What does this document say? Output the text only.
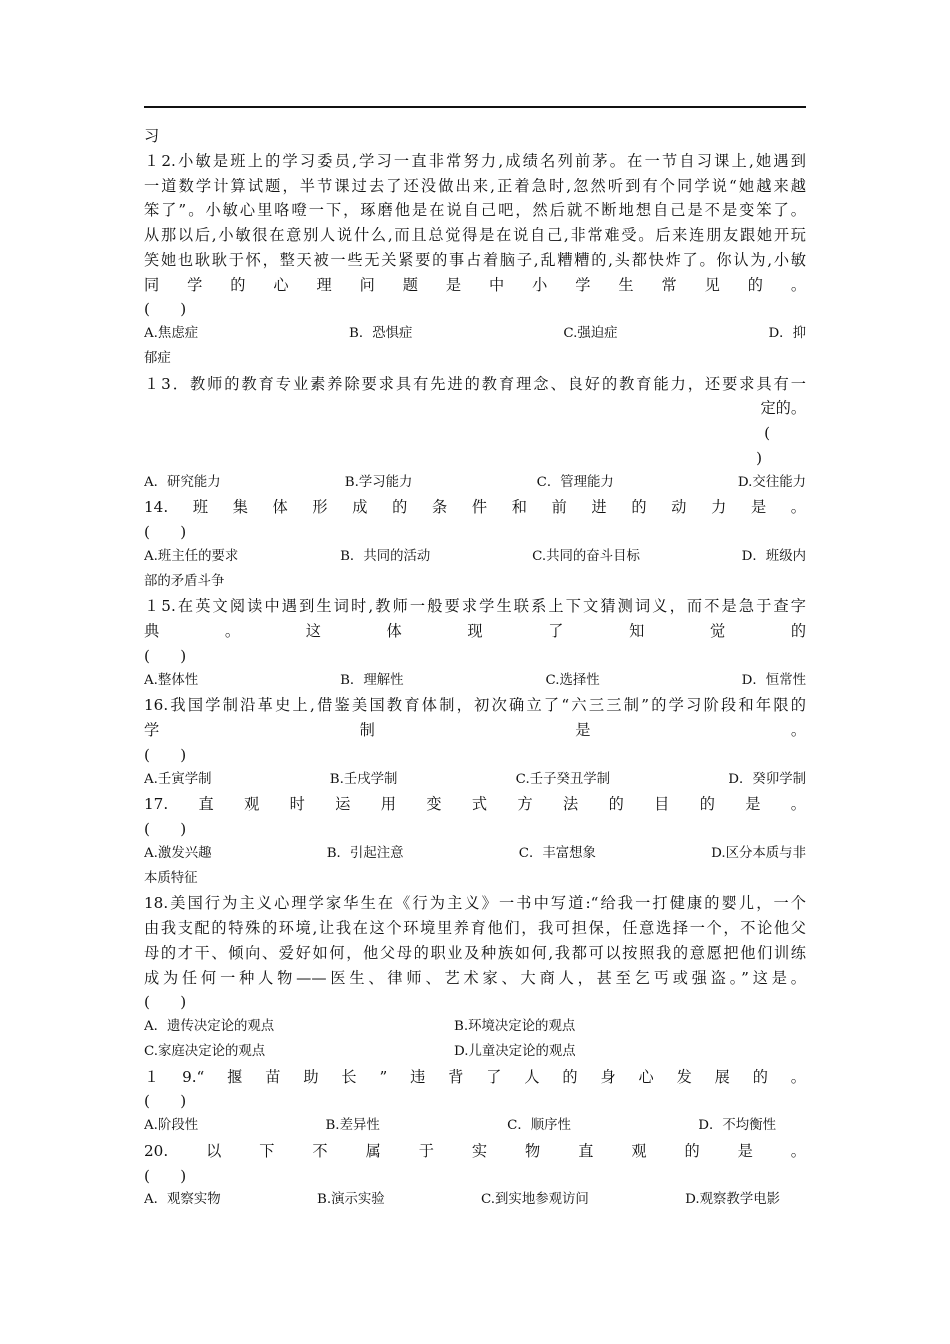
习
１2.小敏是班上的学习委员,学习一直非常努力,成绩名列前茅。在一节自习课上,她遇到
一道数学计算试题，半节课过去了还没做出来,正着急时,忽然听到有个同学说“她越来越
笨了”。小敏心里咯噔一下，琢磨他是在说自己吧，然后就不断地想自己是不是变笨了。
从那以后,小敏很在意别人说什么,而且总觉得是在说自己,非常难受。后来连朋友跟她开玩
笑她也耿耿于怀，整天被一些无关紧要的事占着脑子,乱糟糟的,头都快炸了。你认为,小敏
同学的心理问题是中小学生常见的。
(　　)
A.焦虑症	B．恐惧症	C.强迫症	D．抑
郁症
１3．教师的教育专业素养除要求具有先进的教育理念、良好的教育能力，还要求具有一
定的。
(
)
A．研究能力	B.学习能力	C．管理能力	D.交往能力
14.班集体形成的条件和前进的动力是。
(　　)
A.班主任的要求	B．共同的活动	C.共同的奋斗目标	D．班级内
部的矛盾斗争
１5.在英文阅读中遇到生词时,教师一般要求学生联系上下文猜测词义，而不是急于查字
典。这体现了知觉的
(　　)
A.整体性	B．理解性	C.选择性	D．恒常性
16.我国学制沿革史上,借鉴美国教育体制，初次确立了“六三三制”的学习阶段和年限的
学制是。
(　　)
A.壬寅学制	B.壬戌学制	C.壬子癸丑学制	D．癸卯学制
17.直观时运用变式方法的目的是。
(　　)
A.激发兴趣	B．引起注意	C．丰富想象	D.区分本质与非
本质特征
18.美国行为主义心理学家华生在《行为主义》一书中写道:“给我一打健康的婴儿，一个
由我支配的特殊的环境,让我在这个环境里养育他们，我可担保，任意选择一个，不论他父
母的才干、倾向、爱好如何，他父母的职业及种族如何,我都可以按照我的意愿把他们训练
成为任何一种人物——医生、律师、艺术家、大商人，甚至乞丐或强盗。”这是。
(　　)
A．遗传决定论的观点	B.环境决定论的观点
C.家庭决定论的观点	D.儿童决定论的观点
１9.“揠苗助长”违背了人的身心发展的。
(　　)
A.阶段性	B.差异性	C．顺序性	D．不均衡性
20.以下不属于实物直观的是。
(　　)
A．观察实物	B.演示实验	C.到实地参观访问	D.观察教学电影
